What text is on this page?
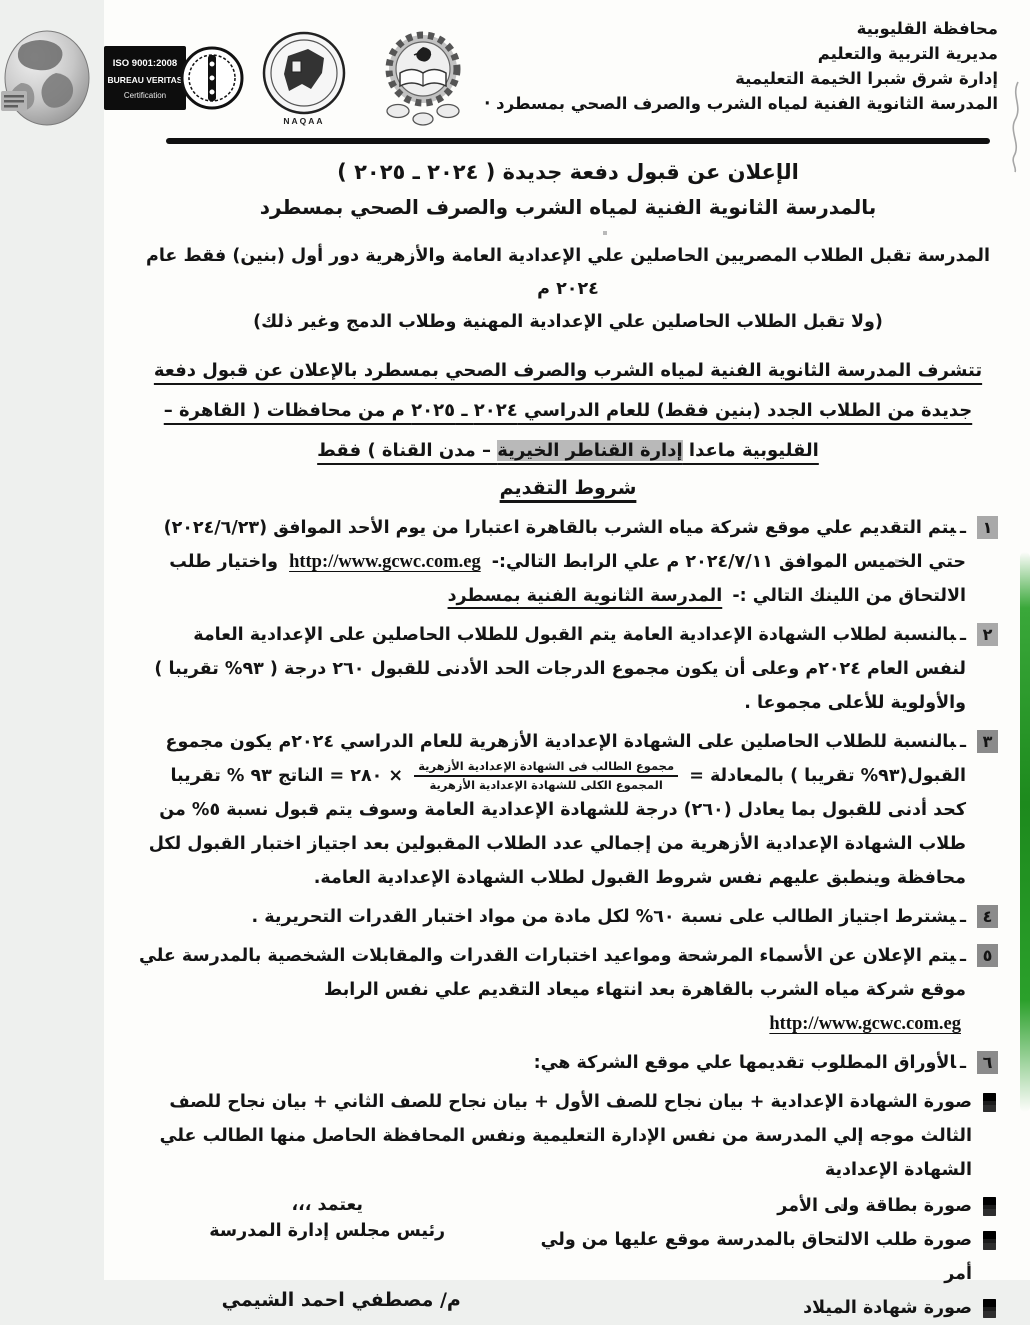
محافظة القليوبية
مديرية التربية والتعليم
إدارة شرق شبرا الخيمة التعليمية
المدرسة الثانوية الفنية لمياه الشرب والصرف الصحي بمسطرد ·
ISO 9001:2008
BUREAU VERITAS
Certification
NAQAA
الإعلان عن قبول دفعة جديدة ( ٢٠٢٤ ـ ٢٠٢٥ )
بالمدرسة الثانوية الفنية لمياه الشرب والصرف الصحي بمسطرد

المدرسة تقبل الطلاب المصريين الحاصلين علي الإعدادية العامة والأزهرية دور أول (بنين) فقط عام ٢٠٢٤ م

(ولا تقبل الطلاب الحاصلين علي الإعدادية المهنية وطلاب الدمج وغير ذلك)

تتشرف المدرسة الثانوية الفنية لمياه الشرب والصرف الصحي بمسطرد بالإعلان عن قبول دفعة جديدة من الطلاب الجدد (بنين فقط) للعام الدراسي ٢٠٢٤ ـ ٢٠٢٥ م من محافظات ( القاهرة – القليوبية ماعدا إدارة القناطر الخيرية – مدن القناة ) فقط

شروط التقديم
١
ـيتم التقديم علي موقع شركة مياه الشرب بالقاهرة اعتبارا من يوم الأحد الموافق (٢٠٢٤/٦/٢٣) حتي الخميس الموافق ٢٠٢٤/٧/١١ م علي الرابط التالي:- http://www.gcwc.com.eg واختيار طلب الالتحاق من اللينك التالي :- المدرسة الثانوية الفنية بمسطرد
٢
ـبالنسبة لطلاب الشهادة الإعدادية العامة يتم القبول للطلاب الحاصلين على الإعدادية العامة لنفس العام ٢٠٢٤م وعلى أن يكون مجموع الدرجات الحد الأدنى للقبول ٢٦٠ درجة ( ٩٣% تقريبا ) والأولوية للأعلى مجموعا .
٣
ـبالنسبة للطلاب الحاصلين على الشهادة الإعدادية الأزهرية للعام الدراسي ٢٠٢٤م يكون مجموع القبول(٩٣% تقريبا ) بالمعادلة =
$\frac{\text{مجموع الطالب فى الشهادة الإعدادية الأزهرية}}{\text{المجموع الكلى للشهادة الإعدادية الأزهرية}}$
× ٢٨٠ = الناتج ٩٣ % تقريبا كحد أدنى للقبول بما يعادل (٢٦٠) درجة للشهادة الإعدادية العامة وسوف يتم قبول نسبة ٥% من طلاب الشهادة الإعدادية الأزهرية من إجمالي عدد الطلاب المقبولين بعد اجتياز اختبار القبول لكل محافظة وينطبق عليهم نفس شروط القبول لطلاب الشهادة الإعدادية العامة.
٤
ـيشترط اجتياز الطالب على نسبة ٦٠% لكل مادة من مواد اختبار القدرات التحريرية .
٥
ـيتم الإعلان عن الأسماء المرشحة ومواعيد اختبارات القدرات والمقابلات الشخصية بالمدرسة علي موقع شركة مياه الشرب بالقاهرة بعد انتهاء ميعاد التقديم علي نفس الرابط http://www.gcwc.com.eg
٦
ـالأوراق المطلوب تقديمها علي موقع الشركة هي:
صورة الشهادة الإعدادية + بيان نجاح للصف الأول + بيان نجاح للصف الثاني + بيان نجاح للصف الثالث موجه إلي المدرسة من نفس الإدارة التعليمية ونفس المحافظة الحاصل منها الطالب علي الشهادة الإعدادية
صورة بطاقة ولى الأمر
صورة طلب الالتحاق بالمدرسة موقع عليها من ولي أمر
صورة شهادة الميلاد
يعتمد ،،،
رئيس مجلس إدارة المدرسة
م/ مصطفي احمد الشيمي
